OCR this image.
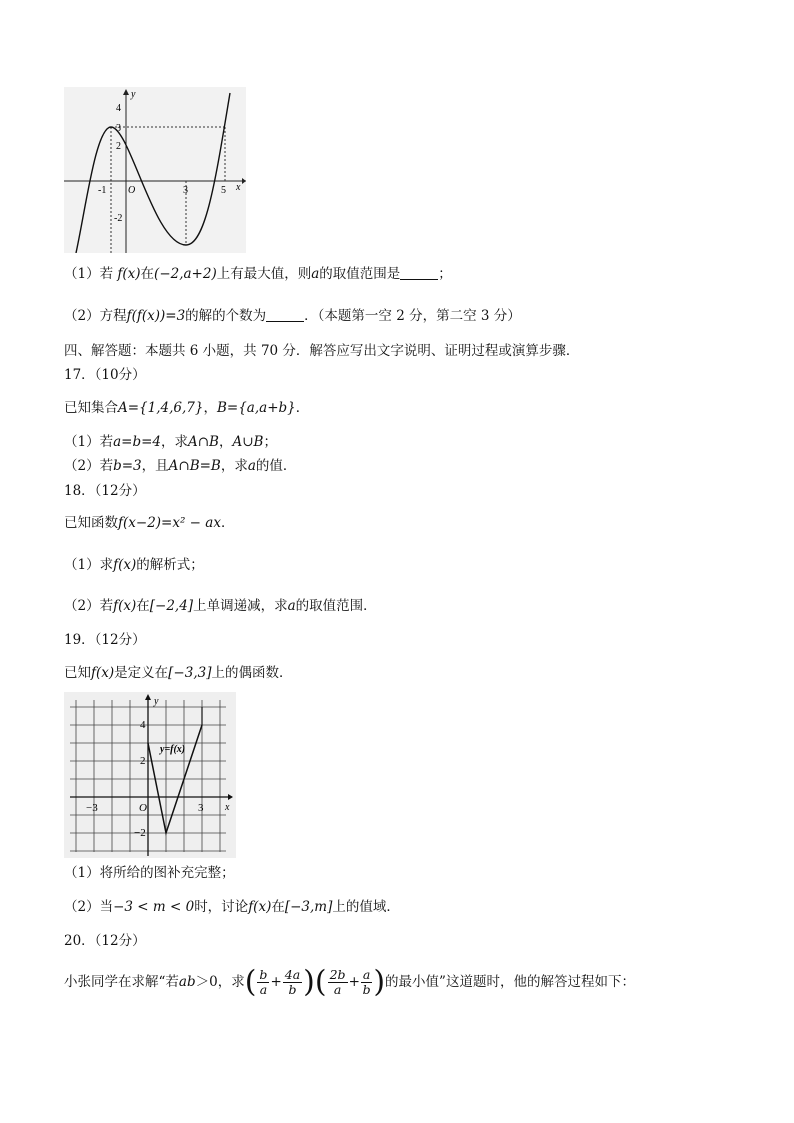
y
x
4
3
2
-2
-1 O	3	5
（1）若 f(x)在(−2,a+2)上有最大值，则a的取值范围是	；
（2）方程f(f(x))=3的解的个数为	．（本题第一空 2 分，第二空 3 分）
四、解答题：本题共 6 小题，共 70 分．解答应写出文字说明、证明过程或演算步骤．
17．（10分）
已知集合A={1,4,6,7}，B={a,a+b}．
（1）若a=b=4，求A∩B，A∪B；
（2）若b=3，且A∩B=B，求a的值．
18．（12分）
已知函数f(x−2)=x² − ax．
（1）求f(x)的解析式；
（2）若f(x)在[−2,4]上单调递减，求a的取值范围．
19．（12分）
已知f(x)是定义在[−3,3]上的偶函数．
y
x
y=f(x)
4
2
−2
−3	O	3
（1）将所给的图补充完整；
（2）当−3 < m < 0时，讨论f(x)在[−3,m]上的值域．
20．（12分）
小张同学在求解“若ab＞0，求( $\frac{b}{a} + \frac{4a}{b}$ )( $\frac{2b}{a} + \frac{a}{b}$ )的最小值”这道题时，他的解答过程如下：
